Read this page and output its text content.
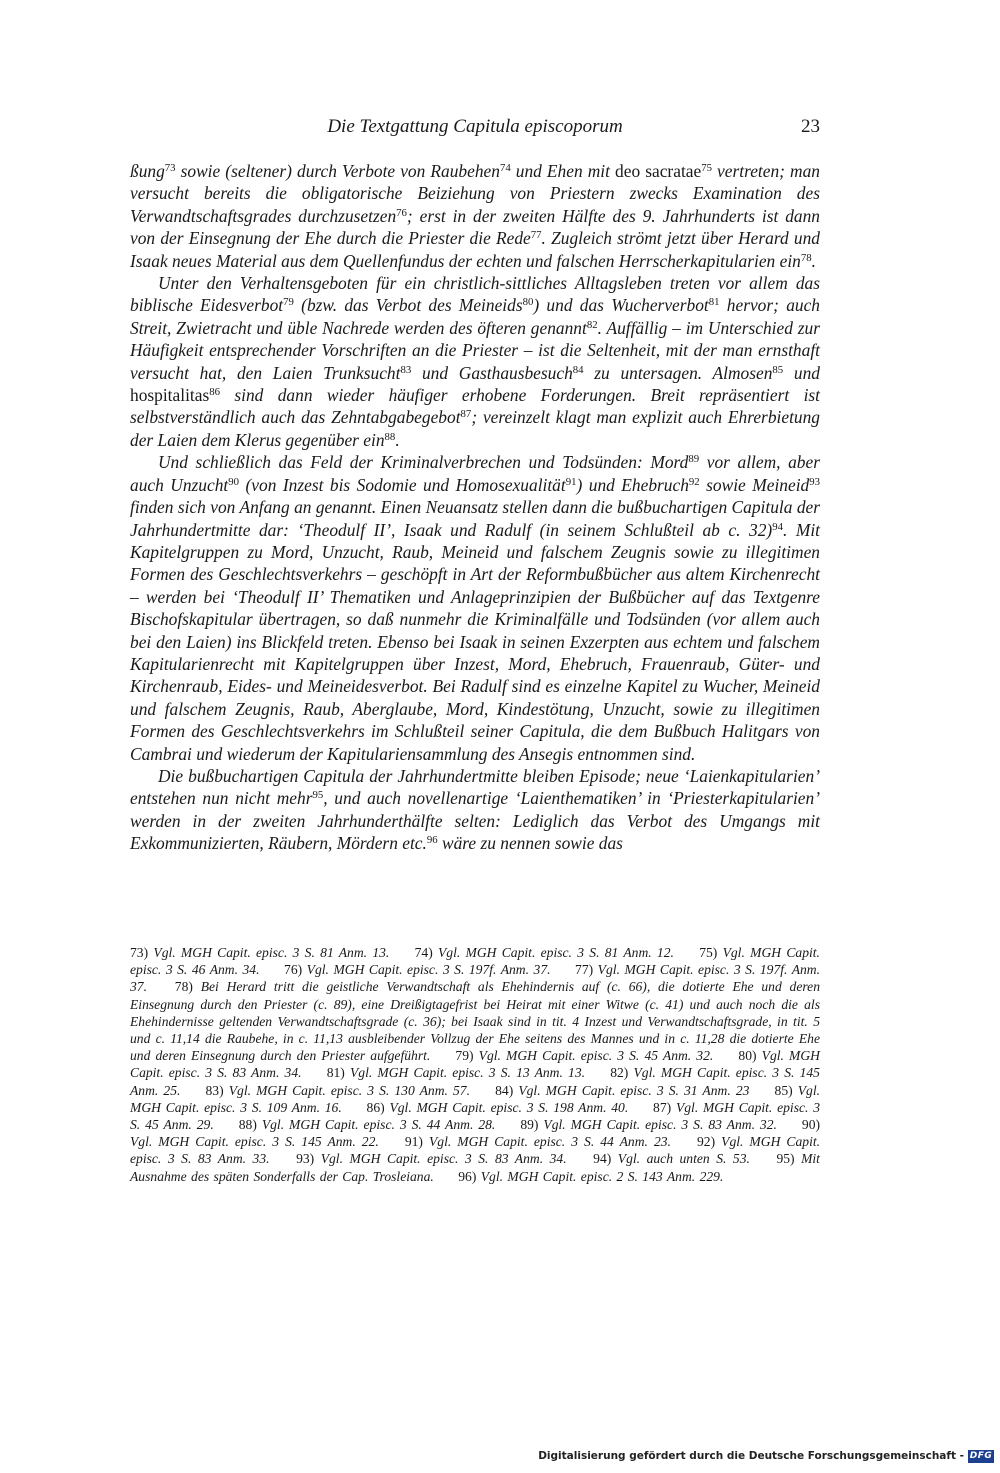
Die Textgattung Capitula episcoporum	23

ßung$^{73}$ sowie (seltener) durch Verbote von Raubehen$^{74}$ und Ehen mit deo sacratae$^{75}$ vertreten; man versucht bereits die obligatorische Beiziehung von Priestern zwecks Examination des Verwandtschaftsgrades durchzusetzen$^{76}$; erst in der zweiten Hälfte des 9. Jahrhunderts ist dann von der Einsegnung der Ehe durch die Priester die Rede$^{77}$. Zugleich strömt jetzt über Herard und Isaak neues Material aus dem Quellenfundus der echten und falschen Herrscherkapitularien ein$^{78}$.

Unter den Verhaltensgeboten für ein christlich-sittliches Alltagsleben treten vor allem das biblische Eidesverbot$^{79}$ (bzw. das Verbot des Meineids$^{80}$) und das Wucherverbot$^{81}$ hervor; auch Streit, Zwietracht und üble Nachrede werden des öfteren genannt$^{82}$. Auffällig – im Unterschied zur Häufigkeit entsprechender Vorschriften an die Priester – ist die Seltenheit, mit der man ernsthaft versucht hat, den Laien Trunksucht$^{83}$ und Gasthausbesuch$^{84}$ zu untersagen. Almosen$^{85}$ und hospitalitas$^{86}$ sind dann wieder häufiger erhobene Forderungen. Breit repräsentiert ist selbstverständlich auch das Zehntabgabegebot$^{87}$; vereinzelt klagt man explizit auch Ehrerbietung der Laien dem Klerus gegenüber ein$^{88}$.

Und schließlich das Feld der Kriminalverbrechen und Todsünden: Mord$^{89}$ vor allem, aber auch Unzucht$^{90}$ (von Inzest bis Sodomie und Homosexualität$^{91}$) und Ehebruch$^{92}$ sowie Meineid$^{93}$ finden sich von Anfang an genannt. Einen Neuansatz stellen dann die bußbuchartigen Capitula der Jahrhundertmitte dar: ‘Theodulf II’, Isaak und Radulf (in seinem Schlußteil ab c. 32)$^{94}$. Mit Kapitelgruppen zu Mord, Unzucht, Raub, Meineid und falschem Zeugnis sowie zu illegitimen Formen des Geschlechtsverkehrs – geschöpft in Art der Reformbußbücher aus altem Kirchenrecht – werden bei ‘Theodulf II’ Thematiken und Anlageprinzipien der Bußbücher auf das Textgenre Bischofskapitular übertragen, so daß nunmehr die Kriminalfälle und Todsünden (vor allem auch bei den Laien) ins Blickfeld treten. Ebenso bei Isaak in seinen Exzerpten aus echtem und falschem Kapitularienrecht mit Kapitelgruppen über Inzest, Mord, Ehebruch, Frauenraub, Güter- und Kirchenraub, Eides- und Meineidesverbot. Bei Radulf sind es einzelne Kapitel zu Wucher, Meineid und falschem Zeugnis, Raub, Aberglaube, Mord, Kindestötung, Unzucht, sowie zu illegitimen Formen des Geschlechtsverkehrs im Schlußteil seiner Capitula, die dem Bußbuch Halitgars von Cambrai und wiederum der Kapitulariensammlung des Ansegis entnommen sind.

Die bußbuchartigen Capitula der Jahrhundertmitte bleiben Episode; neue ‘Laienkapitularien’ entstehen nun nicht mehr$^{95}$, und auch novellenartige ‘Laienthematiken’ in ‘Priesterkapitularien’ werden in der zweiten Jahrhunderthälfte selten: Lediglich das Verbot des Umgangs mit Exkommunizierten, Räubern, Mördern etc.$^{96}$ wäre zu nennen sowie das

73) Vgl. MGH Capit. episc. 3 S. 81 Anm. 13. 74) Vgl. MGH Capit. episc. 3 S. 81 Anm. 12. 75) Vgl. MGH Capit. episc. 3 S. 46 Anm. 34. 76) Vgl. MGH Capit. episc. 3 S. 197f. Anm. 37. 77) Vgl. MGH Capit. episc. 3 S. 197f. Anm. 37. 78) Bei Herard tritt die geistliche Verwandtschaft als Ehehindernis auf (c. 66), die dotierte Ehe und deren Einsegnung durch den Priester (c. 89), eine Dreißigtagefrist bei Heirat mit einer Witwe (c. 41) und auch noch die als Ehehindernisse geltenden Verwandtschaftsgrade (c. 36); bei Isaak sind in tit. 4 Inzest und Verwandtschaftsgrade, in tit. 5 und c. 11,14 die Raubehe, in c. 11,13 ausbleibender Vollzug der Ehe seitens des Mannes und in c. 11,28 die dotierte Ehe und deren Einsegnung durch den Priester aufgeführt. 79) Vgl. MGH Capit. episc. 3 S. 45 Anm. 32. 80) Vgl. MGH Capit. episc. 3 S. 83 Anm. 34. 81) Vgl. MGH Capit. episc. 3 S. 13 Anm. 13. 82) Vgl. MGH Capit. episc. 3 S. 145 Anm. 25. 83) Vgl. MGH Capit. episc. 3 S. 130 Anm. 57. 84) Vgl. MGH Capit. episc. 3 S. 31 Anm. 23 85) Vgl. MGH Capit. episc. 3 S. 109 Anm. 16. 86) Vgl. MGH Capit. episc. 3 S. 198 Anm. 40. 87) Vgl. MGH Capit. episc. 3 S. 45 Anm. 29. 88) Vgl. MGH Capit. episc. 3 S. 44 Anm. 28. 89) Vgl. MGH Capit. episc. 3 S. 83 Anm. 32. 90) Vgl. MGH Capit. episc. 3 S. 145 Anm. 22. 91) Vgl. MGH Capit. episc. 3 S. 44 Anm. 23. 92) Vgl. MGH Capit. episc. 3 S. 83 Anm. 33. 93) Vgl. MGH Capit. episc. 3 S. 83 Anm. 34. 94) Vgl. auch unten S. 53. 95) Mit Ausnahme des späten Sonderfalls der Cap. Trosleiana. 96) Vgl. MGH Capit. episc. 2 S. 143 Anm. 229.

Digitalisierung gefördert durch die Deutsche Forschungsgemeinschaft - DFG
